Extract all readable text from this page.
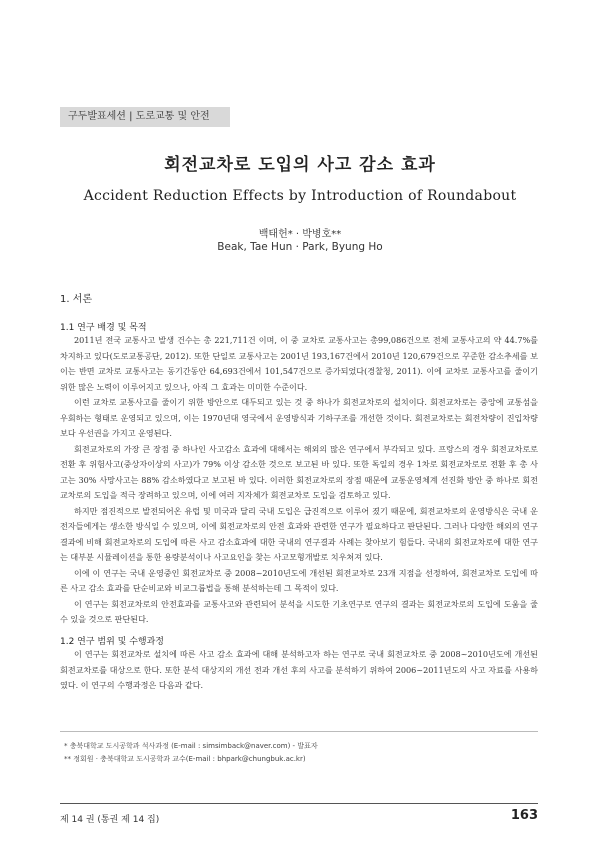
구두발표세션 | 도로교통 및 안전
회전교차로 도입의 사고 감소 효과
Accident Reduction Effects by Introduction of Roundabout
백태헌* · 박병호**
Beak, Tae Hun · Park, Byung Ho
1. 서론
1.1 연구 배경 및 목적

2011년 전국 교통사고 발생 건수는 총 221,711건 이며, 이 중 교차로 교통사고는 총99,086건으로 전체 교통사고의 약 44.7%를 차지하고 있다(도로교통공단, 2012). 또한 단일로 교통사고는 2001년 193,167건에서 2010년 120,679건으로 꾸준한 감소추세를 보이는 반면 교차로 교통사고는 동기간동안 64,693건에서 101,547건으로 증가되었다(경찰청, 2011). 이에 교차로 교통사고를 줄이기 위한 많은 노력이 이루어지고 있으나, 아직 그 효과는 미미한 수준이다.

이런 교차로 교통사고를 줄이기 위한 방안으로 대두되고 있는 것 중 하나가 회전교차로의 설치이다. 회전교차로는 중앙에 교통섬을 우회하는 형태로 운영되고 있으며, 이는 1970년대 영국에서 운영방식과 기하구조를 개선한 것이다. 회전교차로는 회전차량이 진입차량보다 우선권을 가지고 운영된다.

회전교차로의 가장 큰 장점 중 하나인 사고감소 효과에 대해서는 해외의 많은 연구에서 부각되고 있다. 프랑스의 경우 회전교차로로 전환 후 위험사고(중상자이상의 사고)가 79% 이상 감소한 것으로 보고된 바 있다. 또한 독일의 경우 1차로 회전교차로로 전환 후 총 사고는 30% 사망사고는 88% 감소하였다고 보고된 바 있다. 이러한 회전교차로의 장점 때문에 교통운영체계 선진화 방안 중 하나로 회전교차로의 도입을 적극 장려하고 있으며, 이에 여러 지자체가 회전교차로 도입을 검토하고 있다.

하지만 점진적으로 발전되어온 유럽 및 미국과 달리 국내 도입은 급진적으로 이루어 졌기 때문에, 회전교차로의 운영방식은 국내 운전자들에게는 생소한 방식일 수 있으며, 이에 회전교차로의 안전 효과와 관련한 연구가 필요하다고 판단된다. 그러나 다양한 해외의 연구결과에 비해 회전교차로의 도입에 따른 사고 감소효과에 대한 국내의 연구결과 사례는 찾아보기 힘들다. 국내의 회전교차로에 대한 연구는 대부분 시뮬레이션을 통한 용량분석이나 사고요인을 찾는 사고모형개발로 치우쳐져 있다.

이에 이 연구는 국내 운영중인 회전교차로 중 2008~2010년도에 개선된 회전교차로 23개 지점을 선정하여, 회전교차로 도입에 따른 사고 감소 효과를 단순비교와 비교그룹법을 통해 분석하는데 그 목적이 있다.

이 연구는 회전교차로의 안전효과를 교통사고와 관련되어 분석을 시도한 기초연구로 연구의 결과는 회전교차로의 도입에 도움을 줄 수 있을 것으로 판단된다.

1.2 연구 범위 및 수행과정

이 연구는 회전교차로 설치에 따른 사고 감소 효과에 대해 분석하고자 하는 연구로 국내 회전교차로 중 2008~2010년도에 개선된 회전교차로를 대상으로 한다. 또한 분석 대상지의 개선 전과 개선 후의 사고를 분석하기 위하여 2006~2011년도의 사고 자료를 사용하였다. 이 연구의 수행과정은 다음과 같다.

* 충북대학교 도시공학과 석사과정 (E-mail : simsimback@naver.com) - 발표자
** 정회원 · 충북대학교 도시공학과 교수(E-mail : bhpark@chungbuk.ac.kr)
제 14 권 (통권 제 14 집)	163
